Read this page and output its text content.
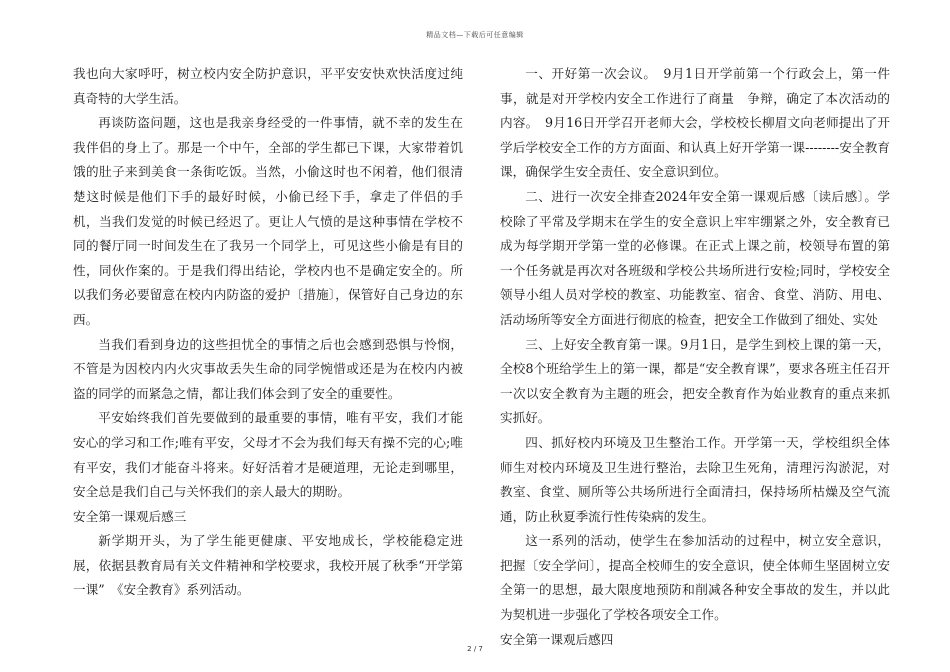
精品文档—下载后可任意编辑

我也向大家呼吁，树立校内安全防护意识，平平安安快欢快活度过纯真奇特的大学生活。

再谈防盗问题，这也是我亲身经受的一件事情，就不幸的发生在我伴侣的身上了。那是一个中午，全部的学生都已下课，大家带着饥饿的肚子来到美食一条街吃饭。当然，小偷这时也不闲着，他们很清楚这时候是他们下手的最好时候，小偷已经下手，拿走了伴侣的手机，当我们发觉的时候已经迟了。更让人气愤的是这种事情在学校不同的餐厅同一时间发生在了我另一个同学上，可见这些小偷是有目的性，同伙作案的。于是我们得出结论，学校内也不是确定安全的。所以我们务必要留意在校内内防盗的爱护〔措施〕，保管好自己身边的东西。

当我们看到身边的这些担忧全的事情之后也会感到恐惧与怜悯，不管是为因校内内火灾事故丢失生命的同学惋惜或还是为在校内内被盗的同学的而紧急之情，都让我们体会到了安全的重要性。

平安始终我们首先要做到的最重要的事情，唯有平安，我们才能安心的学习和工作;唯有平安，父母才不会为我们每天有操不完的心;唯有平安，我们才能奋斗将来。好好活着才是硬道理，无论走到哪里，安全总是我们自己与关怀我们的亲人最大的期盼。

安全第一课观后感三

新学期开头，为了学生能更健康、平安地成长，学校能稳定进展，依据县教育局有关文件精神和学校要求，我校开展了秋季“开学第一课”　《安全教育》系列活动。

一、开好第一次会议。　9月1日开学前第一个行政会上，第一件事，就是对开学校内安全工作进行了商量　争辩，确定了本次活动的内容。　9月16日开学召开老师大会，学校校长柳眉文向老师提出了开学后学校安全工作的方方面面、和认真上好开学第一课--------安全教育课，确保学生安全责任、安全意识到位。

二、进行一次安全排查2024年安全第一课观后感〔读后感〕。学校除了平常及学期末在学生的安全意识上牢牢绷紧之外，安全教育已成为每学期开学第一堂的必修课。在正式上课之前，校领导布置的第一个任务就是再次对各班级和学校公共场所进行安检;同时，学校安全领导小组人员对学校的教室、功能教室、宿舍、食堂、消防、用电、活动场所等安全方面进行彻底的检查，把安全工作做到了细处、实处

三、上好安全教育第一课。9月1日，是学生到校上课的第一天，全校8个班给学生上的第一课，都是“安全教育课”，要求各班主任召开一次以安全教育为主题的班会，把安全教育作为始业教育的重点来抓实抓好。

四、抓好校内环境及卫生整治工作。开学第一天，学校组织全体师生对校内环境及卫生进行整治，去除卫生死角，清理污沟淤泥，对教室、食堂、厕所等公共场所进行全面清扫，保持场所枯燥及空气流通，防止秋夏季流行性传染病的发生。

这一系列的活动，使学生在参加活动的过程中，树立安全意识，把握〔安全学问〕，提高全校师生的安全意识，使全体师生坚固树立安全第一的思想，最大限度地预防和削减各种安全事故的发生，并以此为契机进一步强化了学校各项安全工作。

安全第一课观后感四

2 / 7
